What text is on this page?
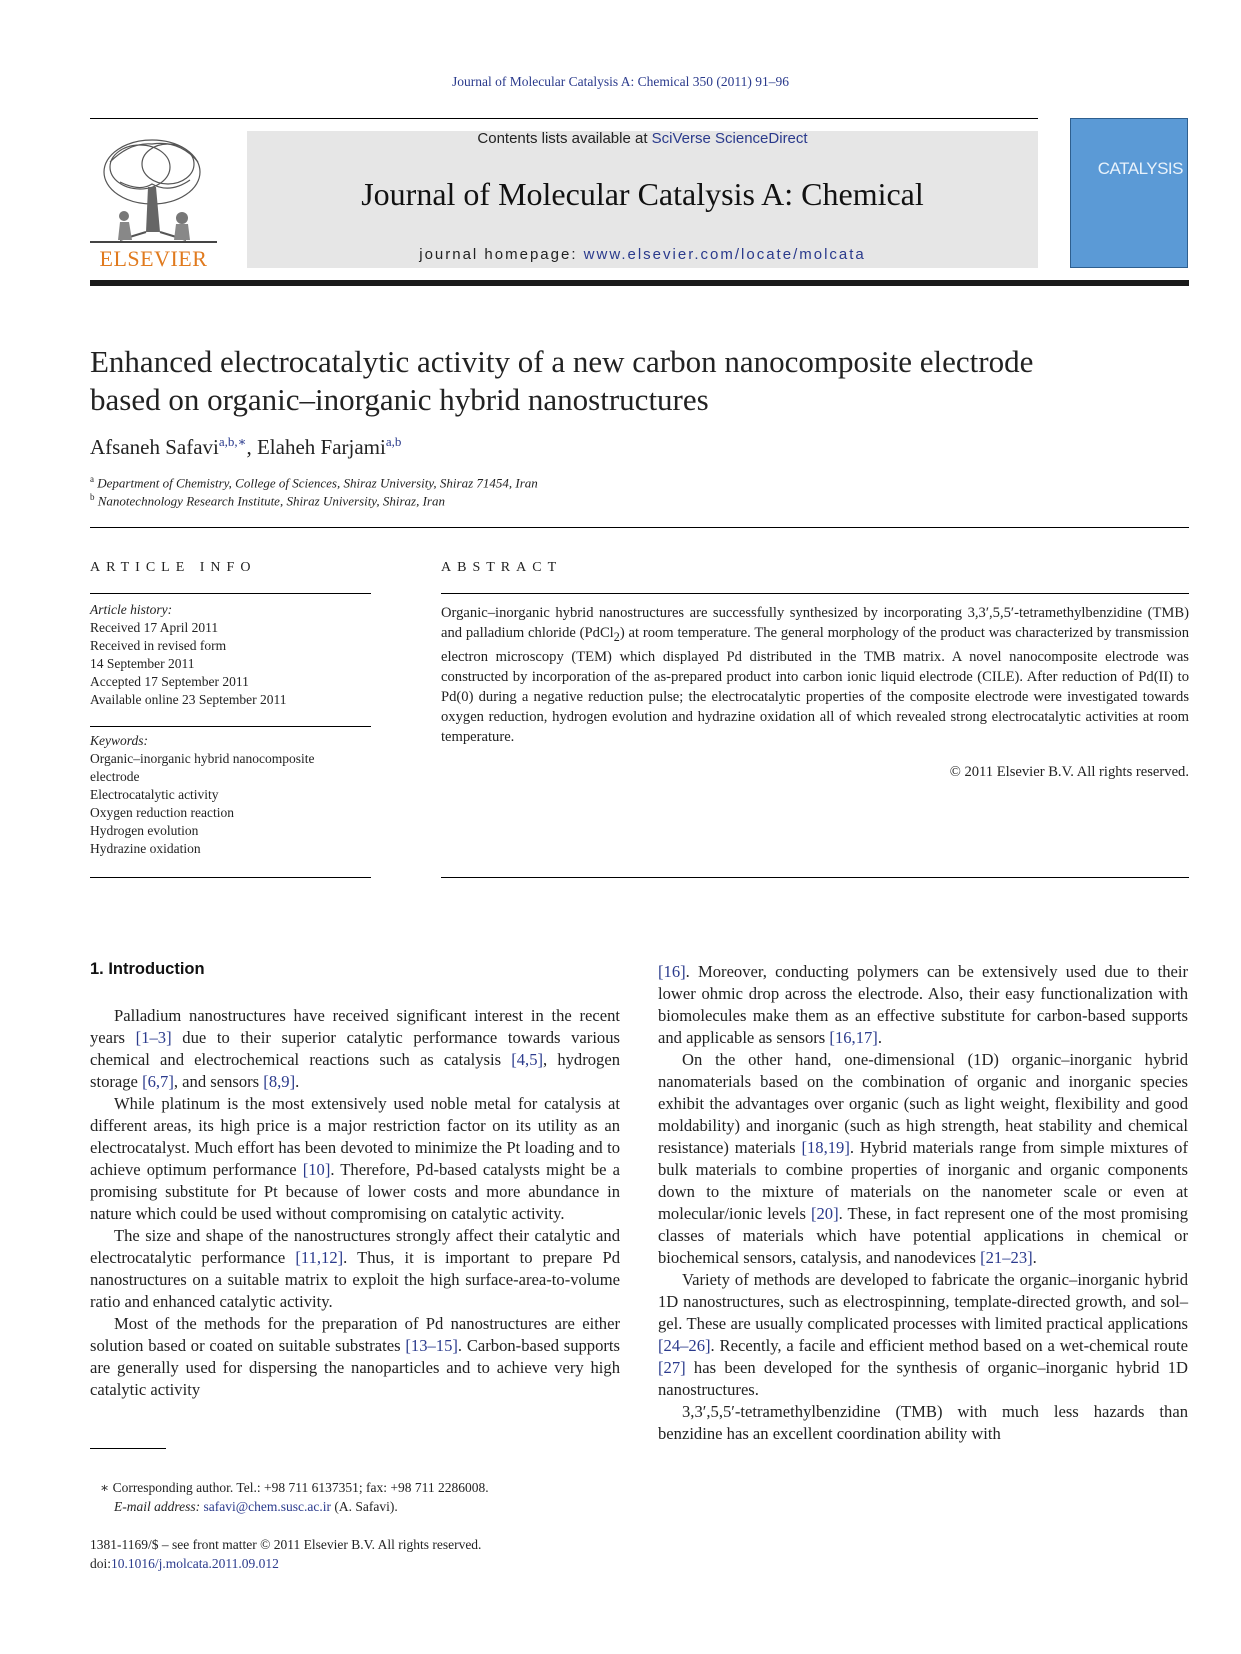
Journal of Molecular Catalysis A: Chemical 350 (2011) 91–96
ELSEVIER
Contents lists available at SciVerse ScienceDirect
Journal of Molecular Catalysis A: Chemical
journal homepage: www.elsevier.com/locate/molcata
CATALYSIS
Enhanced electrocatalytic activity of a new carbon nanocomposite electrode
based on organic–inorganic hybrid nanostructures
Afsaneh Safavi$^{a,b,∗}$, Elaheh Farjami$^{a,b}$
$^a$ Department of Chemistry, College of Sciences, Shiraz University, Shiraz 71454, Iran
$^b$ Nanotechnology Research Institute, Shiraz University, Shiraz, Iran
ARTICLE INFO
Article history:
Received 17 April 2011
Received in revised form
14 September 2011
Accepted 17 September 2011
Available online 23 September 2011
Keywords:
Organic–inorganic hybrid nanocomposite
electrode
Electrocatalytic activity
Oxygen reduction reaction
Hydrogen evolution
Hydrazine oxidation
ABSTRACT
Organic–inorganic hybrid nanostructures are successfully synthesized by incorporating 3,3′,5,5′-tetramethylbenzidine (TMB) and palladium chloride (PdCl$_2$) at room temperature. The general morphology of the product was characterized by transmission electron microscopy (TEM) which displayed Pd distributed in the TMB matrix. A novel nanocomposite electrode was constructed by incorporation of the as-prepared product into carbon ionic liquid electrode (CILE). After reduction of Pd(II) to Pd(0) during a negative reduction pulse; the electrocatalytic properties of the composite electrode were investigated towards oxygen reduction, hydrogen evolution and hydrazine oxidation all of which revealed strong electrocatalytic activities at room temperature.
© 2011 Elsevier B.V. All rights reserved.
1. Introduction

Palladium nanostructures have received significant interest in the recent years [1–3] due to their superior catalytic performance towards various chemical and electrochemical reactions such as catalysis [4,5], hydrogen storage [6,7], and sensors [8,9].

While platinum is the most extensively used noble metal for catalysis at different areas, its high price is a major restriction factor on its utility as an electrocatalyst. Much effort has been devoted to minimize the Pt loading and to achieve optimum performance [10]. Therefore, Pd-based catalysts might be a promising substitute for Pt because of lower costs and more abundance in nature which could be used without compromising on catalytic activity.

The size and shape of the nanostructures strongly affect their catalytic and electrocatalytic performance [11,12]. Thus, it is important to prepare Pd nanostructures on a suitable matrix to exploit the high surface-area-to-volume ratio and enhanced catalytic activity.

Most of the methods for the preparation of Pd nanostructures are either solution based or coated on suitable substrates [13–15]. Carbon-based supports are generally used for dispersing the nanoparticles and to achieve very high catalytic activity

[16]. Moreover, conducting polymers can be extensively used due to their lower ohmic drop across the electrode. Also, their easy functionalization with biomolecules make them as an effective substitute for carbon-based supports and applicable as sensors [16,17].

On the other hand, one-dimensional (1D) organic–inorganic hybrid nanomaterials based on the combination of organic and inorganic species exhibit the advantages over organic (such as light weight, flexibility and good moldability) and inorganic (such as high strength, heat stability and chemical resistance) materials [18,19]. Hybrid materials range from simple mixtures of bulk materials to combine properties of inorganic and organic components down to the mixture of materials on the nanometer scale or even at molecular/ionic levels [20]. These, in fact represent one of the most promising classes of materials which have potential applications in chemical or biochemical sensors, catalysis, and nanodevices [21–23].

Variety of methods are developed to fabricate the organic–inorganic hybrid 1D nanostructures, such as electrospinning, template-directed growth, and sol–gel. These are usually complicated processes with limited practical applications [24–26]. Recently, a facile and efficient method based on a wet-chemical route [27] has been developed for the synthesis of organic–inorganic hybrid 1D nanostructures.

3,3′,5,5′-tetramethylbenzidine (TMB) with much less hazards than benzidine has an excellent coordination ability with

∗ Corresponding author. Tel.: +98 711 6137351; fax: +98 711 2286008.
E-mail address: safavi@chem.susc.ac.ir (A. Safavi).
1381-1169/$ – see front matter © 2011 Elsevier B.V. All rights reserved.
doi:10.1016/j.molcata.2011.09.012
